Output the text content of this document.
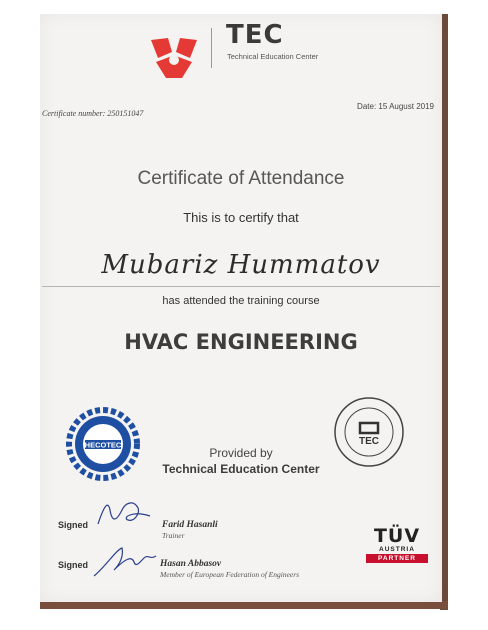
TEC
Technical Education Center
Certificate number: 250151047
Date: 15 August 2019
Certificate of Attendance
This is to certify that
Mubariz Hummatov
has attended the training course
HVAC ENGINEERING
HECOTEC
Provided by
Technical Education Center
TEC
Signed	Farid Hasanli
Trainer
Signed	Hasan Abbasov
Member of European Federation of Engineers
TÜV
AUSTRIA
PARTNER
